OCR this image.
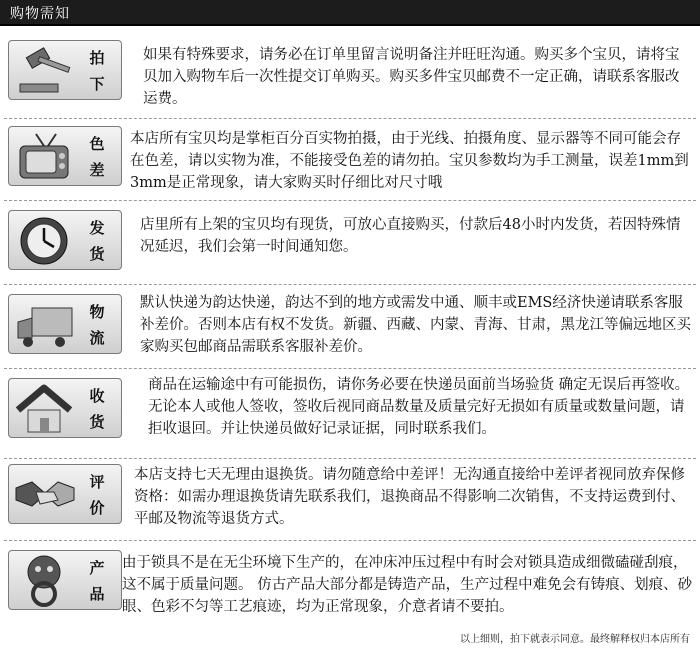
购物需知
拍下
如果有特殊要求，请务必在订单里留言说明备注并旺旺沟通。购买多个宝贝，请将宝贝加入购物车后一次性提交订单购买。购买多件宝贝邮费不一定正确，请联系客服改运费。
色差
本店所有宝贝均是掌柜百分百实物拍摄，由于光线、拍摄角度、显示器等不同可能会存在色差，请以实物为准，不能接受色差的请勿拍。宝贝参数均为手工测量，误差1mm到3mm是正常现象，请大家购买时仔细比对尺寸哦
发货
店里所有上架的宝贝均有现货，可放心直接购买，付款后48小时内发货，若因特殊情况延迟，我们会第一时间通知您。
物流
默认快递为韵达快递，韵达不到的地方或需发中通、顺丰或EMS经济快递请联系客服补差价。否则本店有权不发货。新疆、西藏、内蒙、青海、甘肃，黑龙江等偏远地区买家购买包邮商品需联系客服补差价。
收货
商品在运输途中有可能损伤，请你务必要在快递员面前当场验货 确定无误后再签收。无论本人或他人签收，签收后视同商品数量及质量完好无损如有质量或数量问题，请拒收退回。并让快递员做好记录证据，同时联系我们。
评价
本店支持七天无理由退换货。请勿随意给中差评！无沟通直接给中差评者视同放弃保修资格：如需办理退换货请先联系我们，退换商品不得影响二次销售，不支持运费到付、平邮及物流等退货方式。
产品
由于锁具不是在无尘环境下生产的，在冲床冲压过程中有时会对锁具造成细微磕碰刮痕，这不属于质量问题。 仿古产品大部分都是铸造产品，生产过程中难免会有铸痕、划痕、砂眼、色彩不匀等工艺痕迹，均为正常现象，介意者请不要拍。
以上细则，拍下就表示同意。最终解释权归本店所有
